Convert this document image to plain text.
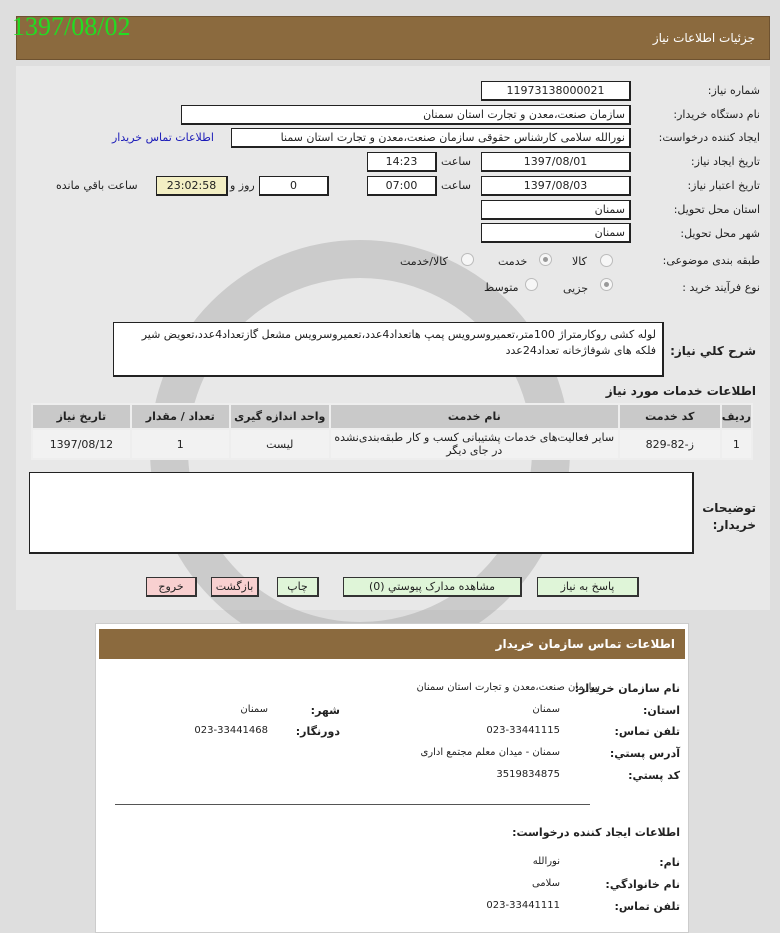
جزئیات اطلاعات نیاز
1397/08/02
شماره نیاز:
11973138000021
نام دستگاه خریدار:
سازمان صنعت،معدن و تجارت استان سمنان
ایجاد کننده درخواست:
نورالله سلامی کارشناس حقوقی سازمان صنعت،معدن و تجارت استان سمنا
اطلاعات تماس خریدار
تاریخ ایجاد نیاز:
1397/08/01
ساعت
14:23
تاریخ اعتبار نیاز:
1397/08/03
ساعت
07:00
0
روز و
23:02:58
ساعت باقي مانده
استان محل تحویل:
سمنان
شهر محل تحویل:
سمنان
طبقه بندی موضوعی:
كالا
خدمت
كالا/خدمت
نوع فرآیند خرید :
جزیی
متوسط
شرح کلي نياز:
لوله کشی روکارمتراژ 100متر،تعمیروسرویس پمپ هاتعداد4عدد،تعمیروسرویس مشعل گازتعداد4عدد،تعویض شیر فلکه های شوفاژخانه تعداد24عدد
اطلاعات خدمات مورد نیاز
ردیف	کد خدمت	نام خدمت	واحد اندازه گیری	تعداد / مقدار	تاریخ نیاز
1	ز-82-829	سایر فعالیت‌های خدمات پشتیبانی کسب و کار طبقه‌بندی‌نشده در جای دیگر	لیست	1	1397/08/12
توضیحات خریدار:
پاسخ به نیاز
مشاهده مدارک پیوستي (0)
چاپ
بازگشت
خروج
اطلاعات تماس سازمان خریدار
نام سازمان خریدار:
سازمان صنعت،معدن و تجارت استان سمنان
استان:
سمنان
شهر:
سمنان
تلفن تماس:
023-33441115
دورنگار:
023-33441468
آدرس پستي:
سمنان - میدان معلم مجتمع اداری
کد پستي:
3519834875
اطلاعات ایجاد کننده درخواست:
نام:
نورالله
نام خانوادگي:
سلامی
تلفن تماس:
023-33441111
